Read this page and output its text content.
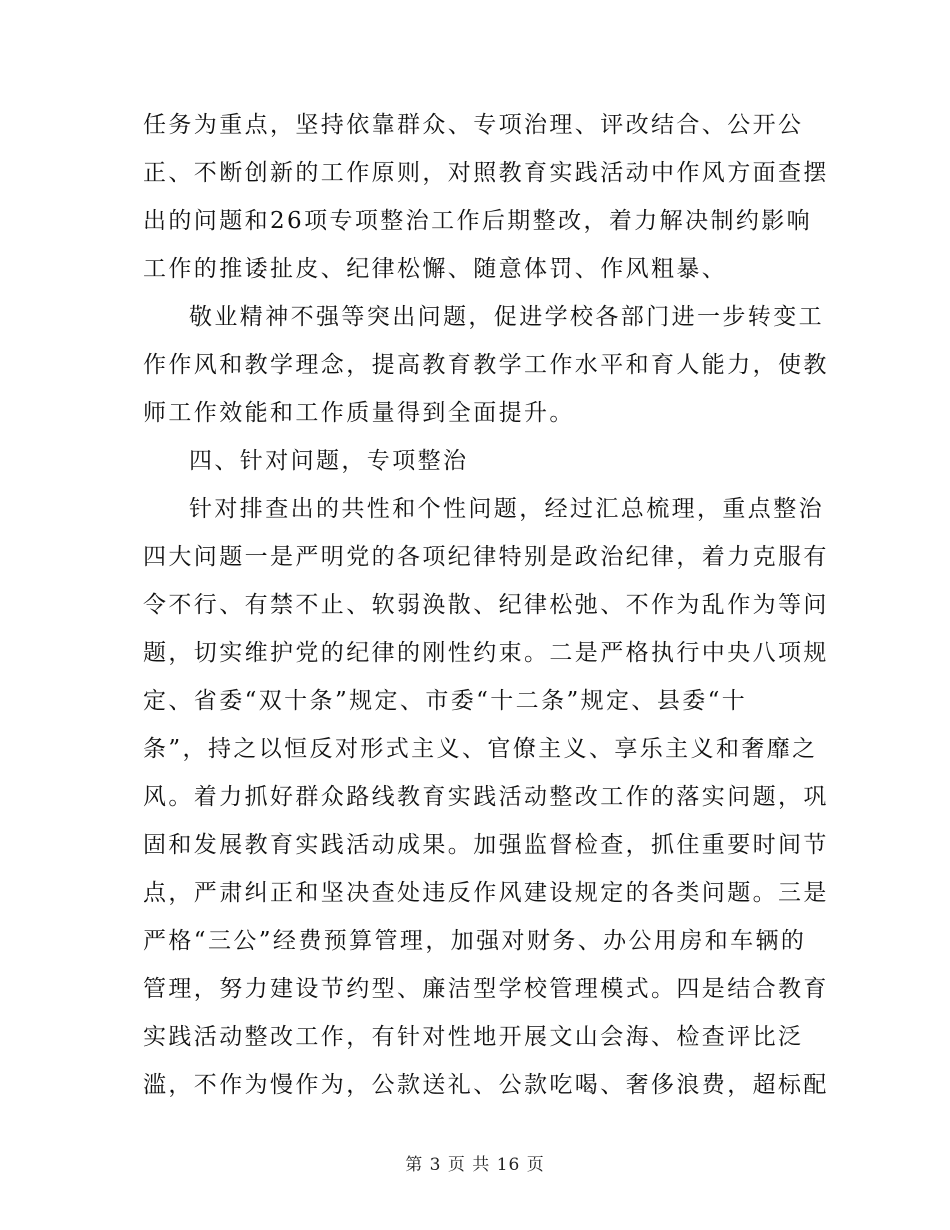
任务为重点，坚持依靠群众、专项治理、评改结合、公开公
正、不断创新的工作原则，对照教育实践活动中作风方面查摆
出的问题和26项专项整治工作后期整改，着力解决制约影响
工作的推诿扯皮、纪律松懈、随意体罚、作风粗暴、
敬业精神不强等突出问题，促进学校各部门进一步转变工
作作风和教学理念，提高教育教学工作水平和育人能力，使教
师工作效能和工作质量得到全面提升。
四、针对问题，专项整治
针对排查出的共性和个性问题，经过汇总梳理，重点整治
四大问题一是严明党的各项纪律特别是政治纪律，着力克服有
令不行、有禁不止、软弱涣散、纪律松弛、不作为乱作为等问
题，切实维护党的纪律的刚性约束。二是严格执行中央八项规
定、省委“双十条”规定、市委“十二条”规定、县委“十
条”，持之以恒反对形式主义、官僚主义、享乐主义和奢靡之
风。着力抓好群众路线教育实践活动整改工作的落实问题，巩
固和发展教育实践活动成果。加强监督检查，抓住重要时间节
点，严肃纠正和坚决查处违反作风建设规定的各类问题。三是
严格“三公”经费预算管理，加强对财务、办公用房和车辆的
管理，努力建设节约型、廉洁型学校管理模式。四是结合教育
实践活动整改工作，有针对性地开展文山会海、检查评比泛
滥，不作为慢作为，公款送礼、公款吃喝、奢侈浪费，超标配
第 3 页 共 16 页
